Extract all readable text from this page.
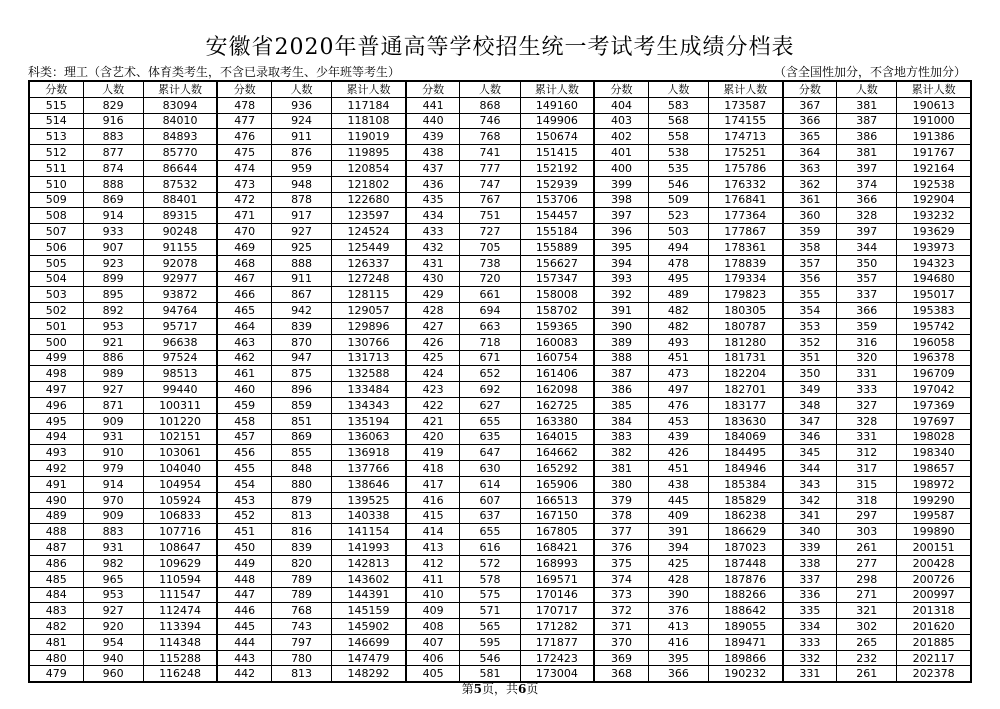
安徽省2020年普通高等学校招生统一考试考生成绩分档表
科类：理工（含艺术、体育类考生，不含已录取考生、少年班等考生）	（含全国性加分，不含地方性加分）
分数	人数	累计人数	分数	人数	累计人数	分数	人数	累计人数	分数	人数	累计人数	分数	人数	累计人数
515	829	83094	478	936	117184	441	868	149160	404	583	173587	367	381	190613
514	916	84010	477	924	118108	440	746	149906	403	568	174155	366	387	191000
513	883	84893	476	911	119019	439	768	150674	402	558	174713	365	386	191386
512	877	85770	475	876	119895	438	741	151415	401	538	175251	364	381	191767
511	874	86644	474	959	120854	437	777	152192	400	535	175786	363	397	192164
510	888	87532	473	948	121802	436	747	152939	399	546	176332	362	374	192538
509	869	88401	472	878	122680	435	767	153706	398	509	176841	361	366	192904
508	914	89315	471	917	123597	434	751	154457	397	523	177364	360	328	193232
507	933	90248	470	927	124524	433	727	155184	396	503	177867	359	397	193629
506	907	91155	469	925	125449	432	705	155889	395	494	178361	358	344	193973
505	923	92078	468	888	126337	431	738	156627	394	478	178839	357	350	194323
504	899	92977	467	911	127248	430	720	157347	393	495	179334	356	357	194680
503	895	93872	466	867	128115	429	661	158008	392	489	179823	355	337	195017
502	892	94764	465	942	129057	428	694	158702	391	482	180305	354	366	195383
501	953	95717	464	839	129896	427	663	159365	390	482	180787	353	359	195742
500	921	96638	463	870	130766	426	718	160083	389	493	181280	352	316	196058
499	886	97524	462	947	131713	425	671	160754	388	451	181731	351	320	196378
498	989	98513	461	875	132588	424	652	161406	387	473	182204	350	331	196709
497	927	99440	460	896	133484	423	692	162098	386	497	182701	349	333	197042
496	871	100311	459	859	134343	422	627	162725	385	476	183177	348	327	197369
495	909	101220	458	851	135194	421	655	163380	384	453	183630	347	328	197697
494	931	102151	457	869	136063	420	635	164015	383	439	184069	346	331	198028
493	910	103061	456	855	136918	419	647	164662	382	426	184495	345	312	198340
492	979	104040	455	848	137766	418	630	165292	381	451	184946	344	317	198657
491	914	104954	454	880	138646	417	614	165906	380	438	185384	343	315	198972
490	970	105924	453	879	139525	416	607	166513	379	445	185829	342	318	199290
489	909	106833	452	813	140338	415	637	167150	378	409	186238	341	297	199587
488	883	107716	451	816	141154	414	655	167805	377	391	186629	340	303	199890
487	931	108647	450	839	141993	413	616	168421	376	394	187023	339	261	200151
486	982	109629	449	820	142813	412	572	168993	375	425	187448	338	277	200428
485	965	110594	448	789	143602	411	578	169571	374	428	187876	337	298	200726
484	953	111547	447	789	144391	410	575	170146	373	390	188266	336	271	200997
483	927	112474	446	768	145159	409	571	170717	372	376	188642	335	321	201318
482	920	113394	445	743	145902	408	565	171282	371	413	189055	334	302	201620
481	954	114348	444	797	146699	407	595	171877	370	416	189471	333	265	201885
480	940	115288	443	780	147479	406	546	172423	369	395	189866	332	232	202117
479	960	116248	442	813	148292	405	581	173004	368	366	190232	331	261	202378
第5页，共6页
